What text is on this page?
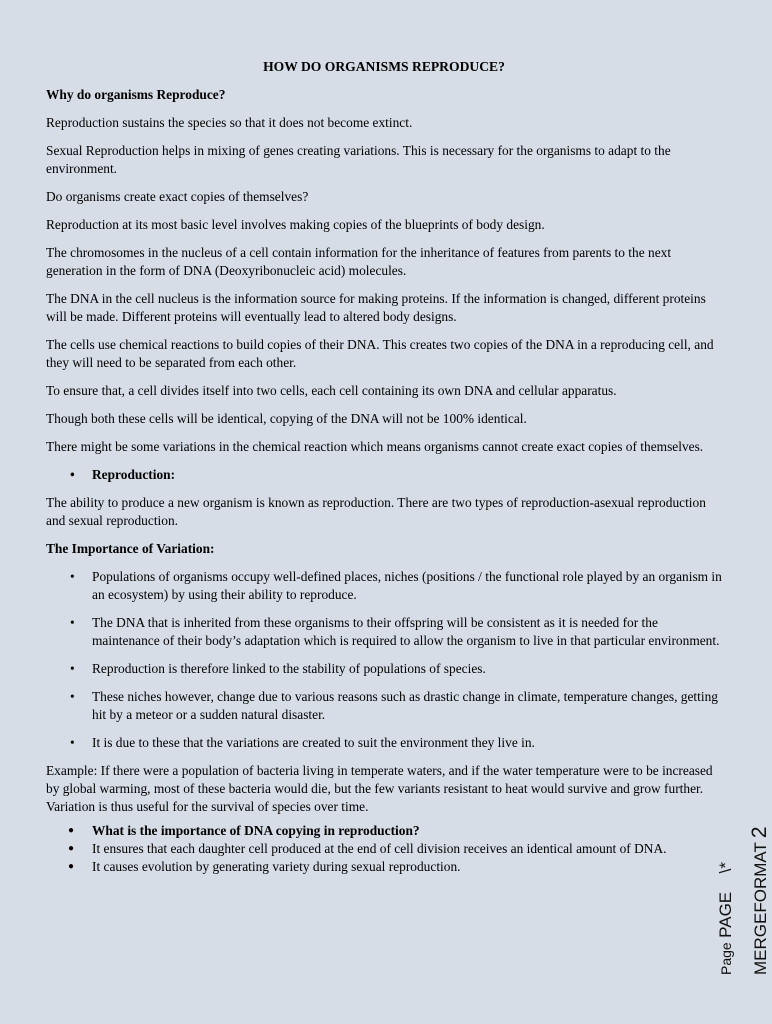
HOW DO ORGANISMS REPRODUCE?
Why do organisms Reproduce?

Reproduction sustains the species so that it does not become extinct.

Sexual Reproduction helps in mixing of genes creating variations. This is necessary for the organisms to adapt to the environment.

Do organisms create exact copies of themselves?

Reproduction at its most basic level involves making copies of the blueprints of body design.

The chromosomes in the nucleus of a cell contain information for the inheritance of features from parents to the next generation in the form of DNA (Deoxyribonucleic acid) molecules.

The DNA in the cell nucleus is the information source for making proteins. If the information is changed, different proteins will be made. Different proteins will eventually lead to altered body designs.

The cells use chemical reactions to build copies of their DNA. This creates two copies of the DNA in a reproducing cell, and they will need to be separated from each other.

To ensure that, a cell divides itself into two cells, each cell containing its own DNA and cellular apparatus.

Though both these cells will be identical, copying of the DNA will not be 100% identical.

There might be some variations in the chemical reaction which means organisms cannot create exact copies of themselves.

• Reproduction:

The ability to produce a new organism is known as reproduction. There are two types of reproduction-asexual reproduction and sexual reproduction.

The Importance of Variation:
• Populations of organisms occupy well-defined places, niches (positions / the functional role played by an organism in an ecosystem) by using their ability to reproduce.
• The DNA that is inherited from these organisms to their offspring will be consistent as it is needed for the maintenance of their body’s adaptation which is required to allow the organism to live in that particular environment.
• Reproduction is therefore linked to the stability of populations of species.
• These niches however, change due to various reasons such as drastic change in climate, temperature changes, getting hit by a meteor or a sudden natural disaster.
• It is due to these that the variations are created to suit the environment they live in.

Example: If there were a population of bacteria living in temperate waters, and if the water temperature were to be increased by global warming, most of these bacteria would die, but the few variants resistant to heat would survive and grow further. Variation is thus useful for the survival of species over time.

● What is the importance of DNA copying in reproduction?
● It ensures that each daughter cell produced at the end of cell division receives an identical amount of DNA.
● It causes evolution by generating variety during sexual reproduction.
Page PAGE \* MERGEFORMAT2
